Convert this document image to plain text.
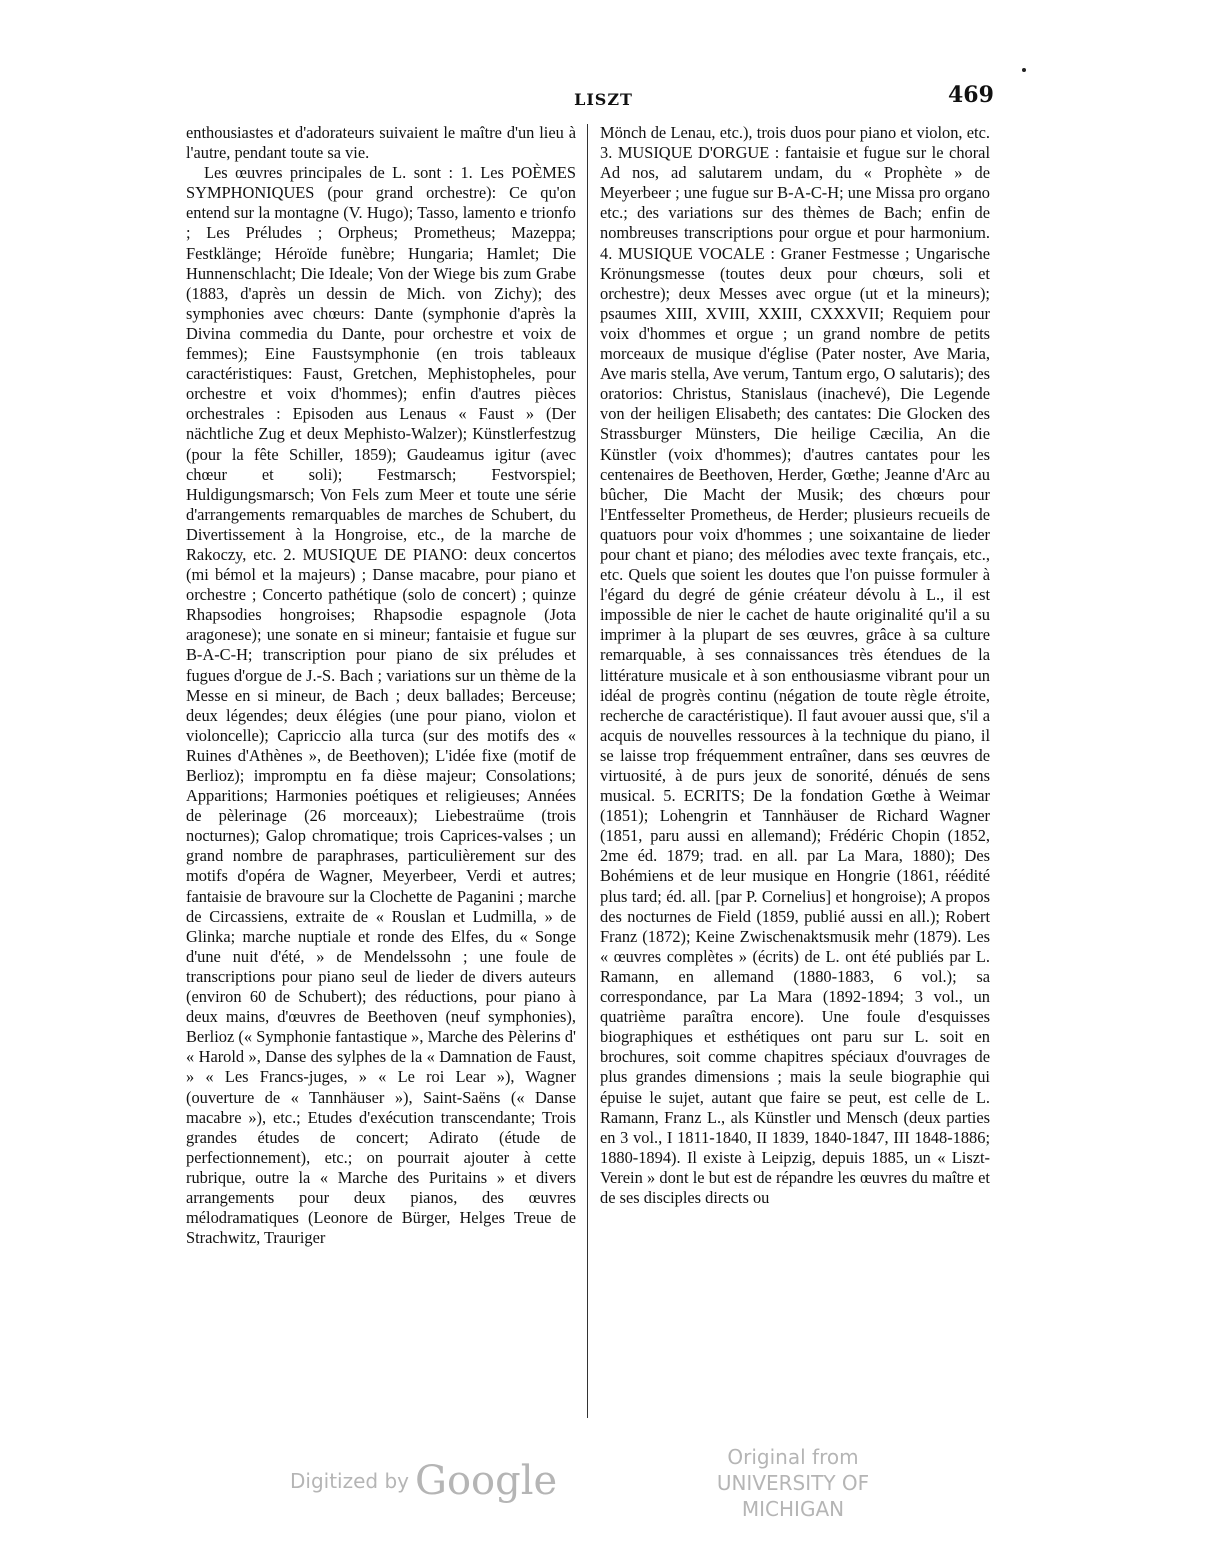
LISZT	469

enthousiastes et d'adorateurs suivaient le maître d'un lieu à l'autre, pendant toute sa vie.

Les œuvres principales de L. sont : 1. Les POÈMES SYMPHONIQUES (pour grand orchestre): Ce qu'on entend sur la montagne (V. Hugo); Tasso, lamento e trionfo ; Les Préludes ; Orpheus; Prometheus; Mazeppa; Festklänge; Héroïde funèbre; Hungaria; Hamlet; Die Hunnenschlacht; Die Ideale; Von der Wiege bis zum Grabe (1883, d'après un dessin de Mich. von Zichy); des symphonies avec chœurs: Dante (symphonie d'après la Divina commedia du Dante, pour orchestre et voix de femmes); Eine Faustsymphonie (en trois tableaux caractéristiques: Faust, Gretchen, Mephistopheles, pour orchestre et voix d'hommes); enfin d'autres pièces orchestrales : Episoden aus Lenaus « Faust » (Der nächtliche Zug et deux Mephisto-Walzer); Künstlerfestzug (pour la fête Schiller, 1859); Gaudeamus igitur (avec chœur et soli); Festmarsch; Festvorspiel; Huldigungsmarsch; Von Fels zum Meer et toute une série d'arrangements remarquables de marches de Schubert, du Divertissement à la Hongroise, etc., de la marche de Rakoczy, etc. 2. MUSIQUE DE PIANO: deux concertos (mi bémol et la majeurs) ; Danse macabre, pour piano et orchestre ; Concerto pathétique (solo de concert) ; quinze Rhapsodies hongroises; Rhapsodie espagnole (Jota aragonese); une sonate en si mineur; fantaisie et fugue sur B-A-C-H; transcription pour piano de six préludes et fugues d'orgue de J.-S. Bach ; variations sur un thème de la Messe en si mineur, de Bach ; deux ballades; Berceuse; deux légendes; deux élégies (une pour piano, violon et violoncelle); Capriccio alla turca (sur des motifs des « Ruines d'Athènes », de Beethoven); L'idée fixe (motif de Berlioz); impromptu en fa dièse majeur; Consolations; Apparitions; Harmonies poétiques et religieuses; Années de pèlerinage (26 morceaux); Liebestraüme (trois nocturnes); Galop chromatique; trois Caprices-valses ; un grand nombre de paraphrases, particulièrement sur des motifs d'opéra de Wagner, Meyerbeer, Verdi et autres; fantaisie de bravoure sur la Clochette de Paganini ; marche de Circassiens, extraite de « Rouslan et Ludmilla, » de Glinka; marche nuptiale et ronde des Elfes, du « Songe d'une nuit d'été, » de Mendelssohn ; une foule de transcriptions pour piano seul de lieder de divers auteurs (environ 60 de Schubert); des réductions, pour piano à deux mains, d'œuvres de Beethoven (neuf symphonies), Berlioz (« Symphonie fantastique », Marche des Pèlerins d' « Harold », Danse des sylphes de la « Damnation de Faust, » « Les Francs-juges, » « Le roi Lear »), Wagner (ouverture de « Tannhäuser »), Saint-Saëns (« Danse macabre »), etc.; Etudes d'exécution transcendante; Trois grandes études de concert; Adirato (étude de perfectionnement), etc.; on pourrait ajouter à cette rubrique, outre la « Marche des Puritains » et divers arrangements pour deux pianos, des œuvres mélodramatiques (Leonore de Bürger, Helges Treue de Strachwitz, Trauriger

Mönch de Lenau, etc.), trois duos pour piano et violon, etc. 3. MUSIQUE D'ORGUE : fantaisie et fugue sur le choral Ad nos, ad salutarem undam, du « Prophète » de Meyerbeer ; une fugue sur B-A-C-H; une Missa pro organo etc.; des variations sur des thèmes de Bach; enfin de nombreuses transcriptions pour orgue et pour harmonium. 4. MUSIQUE VOCALE : Graner Festmesse ; Ungarische Krönungsmesse (toutes deux pour chœurs, soli et orchestre); deux Messes avec orgue (ut et la mineurs); psaumes XIII, XVIII, XXIII, CXXXVII; Requiem pour voix d'hommes et orgue ; un grand nombre de petits morceaux de musique d'église (Pater noster, Ave Maria, Ave maris stella, Ave verum, Tantum ergo, O salutaris); des oratorios: Christus, Stanislaus (inachevé), Die Legende von der heiligen Elisabeth; des cantates: Die Glocken des Strassburger Münsters, Die heilige Cæcilia, An die Künstler (voix d'hommes); d'autres cantates pour les centenaires de Beethoven, Herder, Gœthe; Jeanne d'Arc au bûcher, Die Macht der Musik; des chœurs pour l'Entfesselter Prometheus, de Herder; plusieurs recueils de quatuors pour voix d'hommes ; une soixantaine de lieder pour chant et piano; des mélodies avec texte français, etc., etc. Quels que soient les doutes que l'on puisse formuler à l'égard du degré de génie créateur dévolu à L., il est impossible de nier le cachet de haute originalité qu'il a su imprimer à la plupart de ses œuvres, grâce à sa culture remarquable, à ses connaissances très étendues de la littérature musicale et à son enthousiasme vibrant pour un idéal de progrès continu (négation de toute règle étroite, recherche de caractéristique). Il faut avouer aussi que, s'il a acquis de nouvelles ressources à la technique du piano, il se laisse trop fréquemment entraîner, dans ses œuvres de virtuosité, à de purs jeux de sonorité, dénués de sens musical. 5. ECRITS; De la fondation Gœthe à Weimar (1851); Lohengrin et Tannhäuser de Richard Wagner (1851, paru aussi en allemand); Frédéric Chopin (1852, 2me éd. 1879; trad. en all. par La Mara, 1880); Des Bohémiens et de leur musique en Hongrie (1861, réédité plus tard; éd. all. [par P. Cornelius] et hongroise); A propos des nocturnes de Field (1859, publié aussi en all.); Robert Franz (1872); Keine Zwischenaktsmusik mehr (1879). Les « œuvres complètes » (écrits) de L. ont été publiés par L. Ramann, en allemand (1880-1883, 6 vol.); sa correspondance, par La Mara (1892-1894; 3 vol., un quatrième paraîtra encore). Une foule d'esquisses biographiques et esthétiques ont paru sur L. soit en brochures, soit comme chapitres spéciaux d'ouvrages de plus grandes dimensions ; mais la seule biographie qui épuise le sujet, autant que faire se peut, est celle de L. Ramann, Franz L., als Künstler und Mensch (deux parties en 3 vol., I 1811-1840, II 1839, 1840-1847, III 1848-1886; 1880-1894). Il existe à Leipzig, depuis 1885, un « Liszt-Verein » dont le but est de répandre les œuvres du maître et de ses disciples directs ou

Digitized by Google
Original from
UNIVERSITY OF MICHIGAN
